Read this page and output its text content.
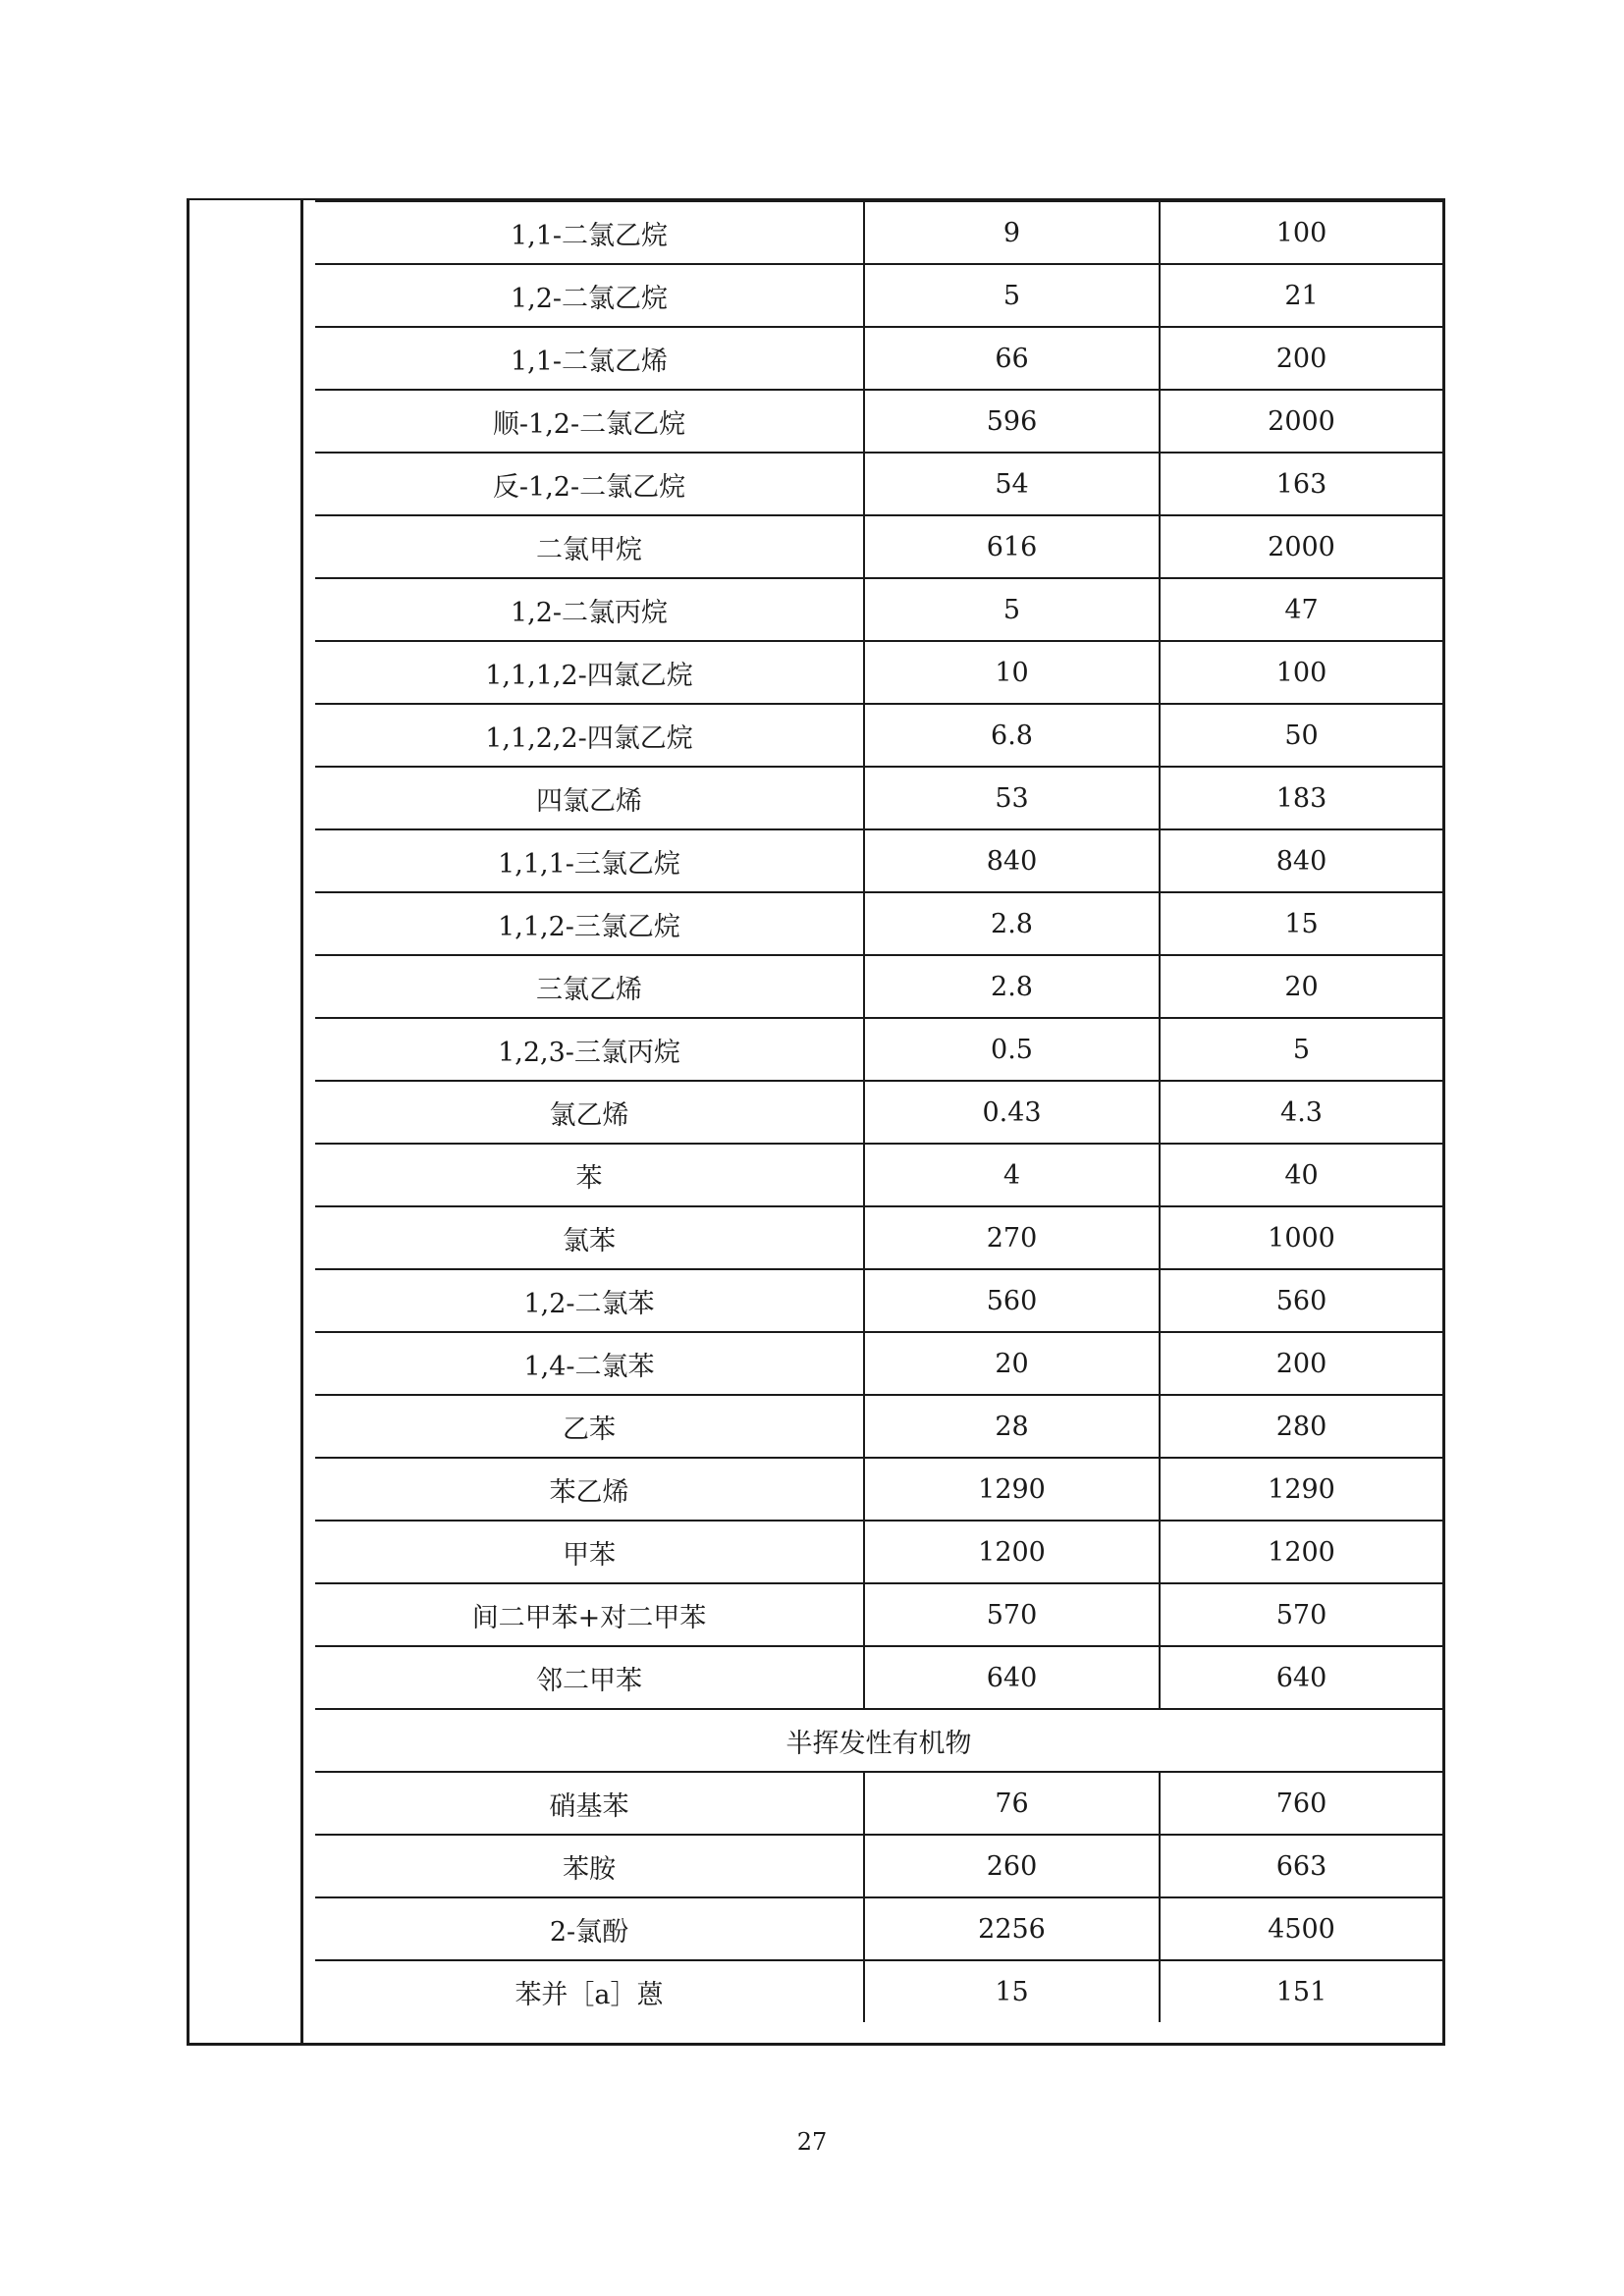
1,1-二氯乙烷	9	100
1,2-二氯乙烷	5	21
1,1-二氯乙烯	66	200
顺-1,2-二氯乙烷	596	2000
反-1,2-二氯乙烷	54	163
二氯甲烷	616	2000
1,2-二氯丙烷	5	47
1,1,1,2-四氯乙烷	10	100
1,1,2,2-四氯乙烷	6.8	50
四氯乙烯	53	183
1,1,1-三氯乙烷	840	840
1,1,2-三氯乙烷	2.8	15
三氯乙烯	2.8	20
1,2,3-三氯丙烷	0.5	5
氯乙烯	0.43	4.3
苯	4	40
氯苯	270	1000
1,2-二氯苯	560	560
1,4-二氯苯	20	200
乙苯	28	280
苯乙烯	1290	1290
甲苯	1200	1200
间二甲苯+对二甲苯	570	570
邻二甲苯	640	640
半挥发性有机物		
硝基苯	76	760
苯胺	260	663
2-氯酚	2256	4500
苯并［a］蒽	15	151
27
